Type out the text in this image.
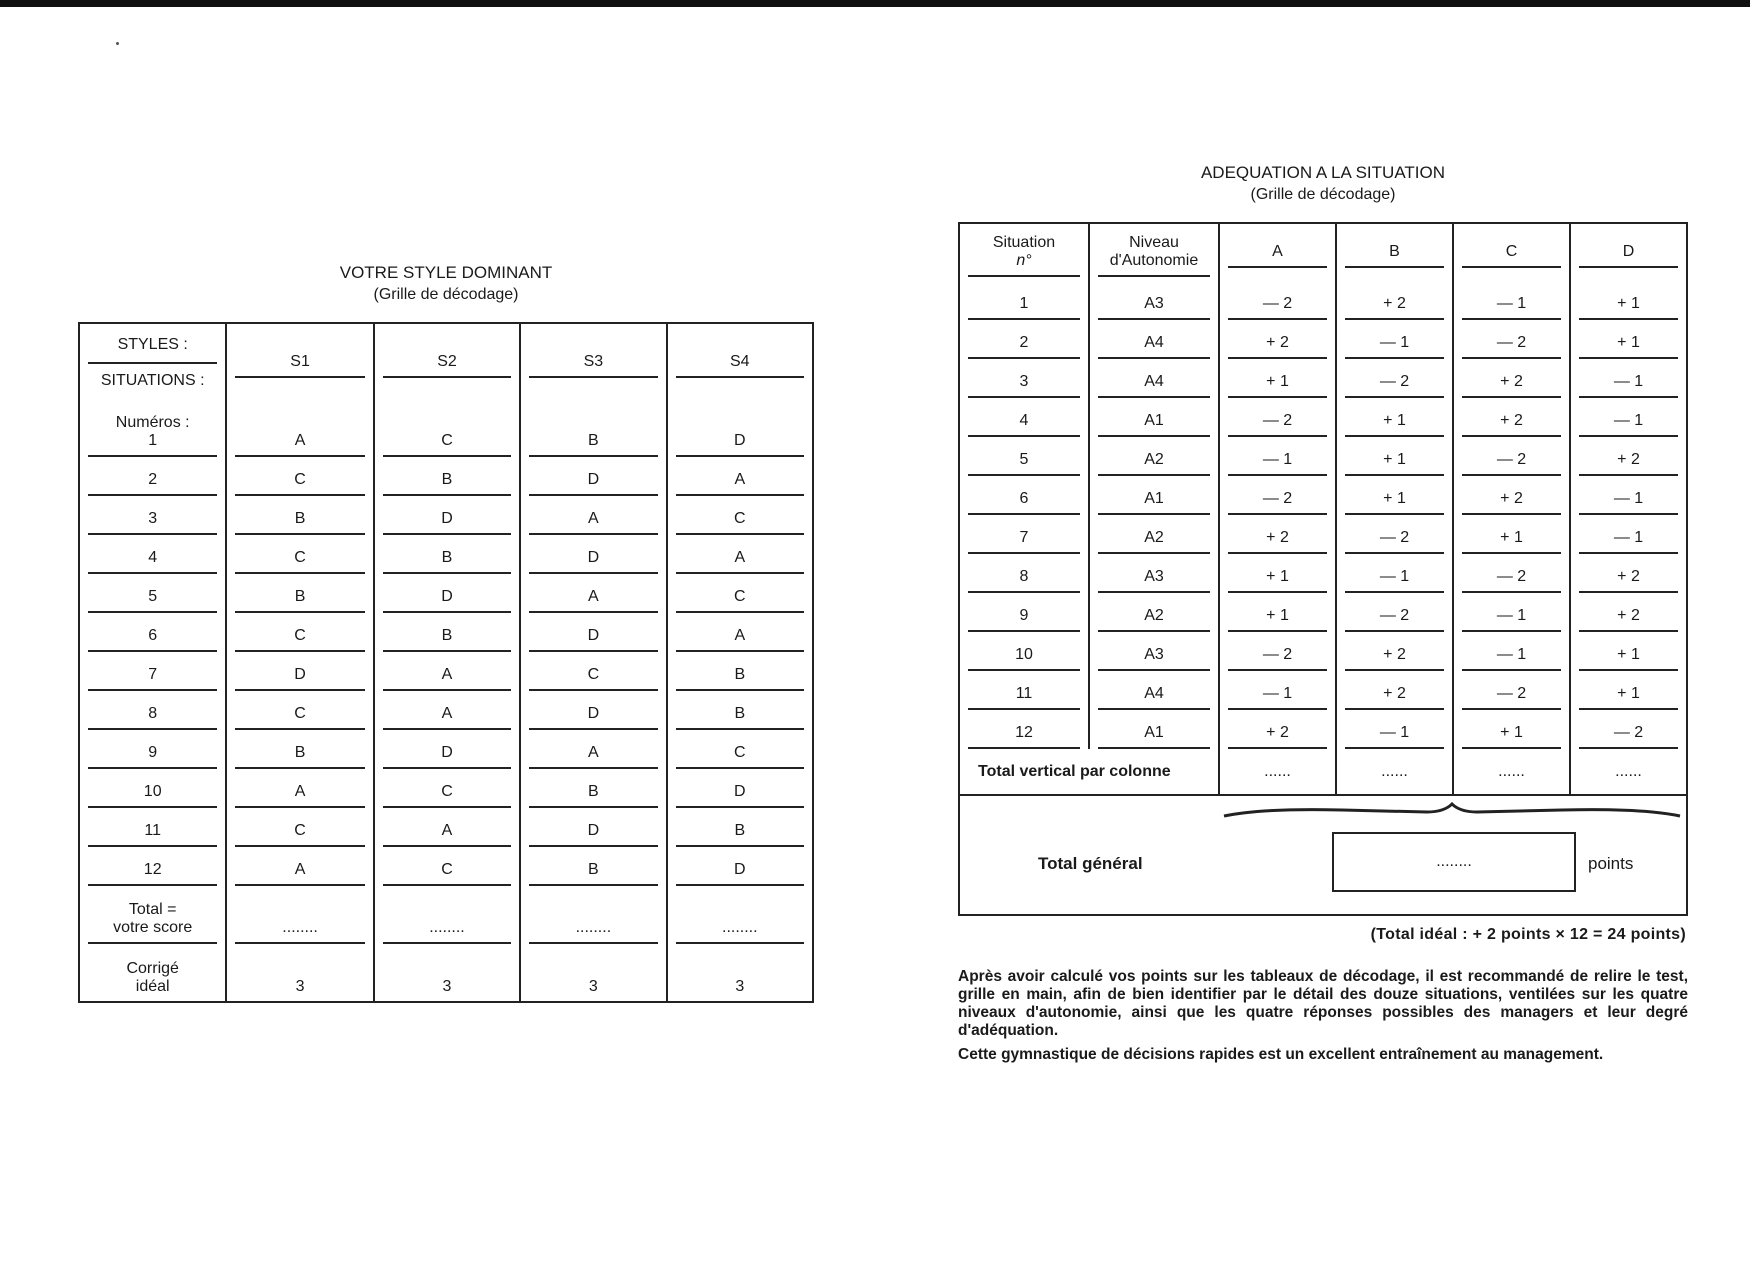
VOTRE STYLE DOMINANT
(Grille de décodage)
STYLES :
SITUATIONS :	S1	S2	S3	S4

Numéros :
1	A	C	B	D

2	C	B	D	A

3	B	D	A	C

4	C	B	D	A

5	B	D	A	C

6	C	B	D	A

7	D	A	C	B

8	C	A	D	B

9	B	D	A	C

10	A	C	B	D

11	C	A	D	B

12	A	C	B	D

Total =
votre score	........	........	........	........

Corrigé
idéal	3	3	3	3
ADEQUATION A LA SITUATION
(Grille de décodage)
Situation
n°	Niveau
d'Autonomie	A	B	C	D

1	A3	— 2	+ 2	— 1	+ 1

2	A4	+ 2	— 1	— 2	+ 1

3	A4	+ 1	— 2	+ 2	— 1

4	A1	— 2	+ 1	+ 2	— 1

5	A2	— 1	+ 1	— 2	+ 2

6	A1	— 2	+ 1	+ 2	— 1

7	A2	+ 2	— 2	+ 1	— 1

8	A3	+ 1	— 1	— 2	+ 2

9	A2	+ 1	— 2	— 1	+ 2

10	A3	— 2	+ 2	— 1	+ 1

11	A4	— 1	+ 2	— 2	+ 1

12	A1	+ 2	— 1	+ 1	— 2

Total vertical par colonne		......	......	......	......
Total général	........	points
(Total idéal : + 2 points × 12 = 24 points)

Après avoir calculé vos points sur les tableaux de décodage, il est recommandé de relire le test, grille en main, afin de bien identifier par le détail des douze situations, ventilées sur les quatre niveaux d'autonomie, ainsi que les quatre réponses possibles des managers et leur degré d'adéquation.

Cette gymnastique de décisions rapides est un excellent entraînement au management.
